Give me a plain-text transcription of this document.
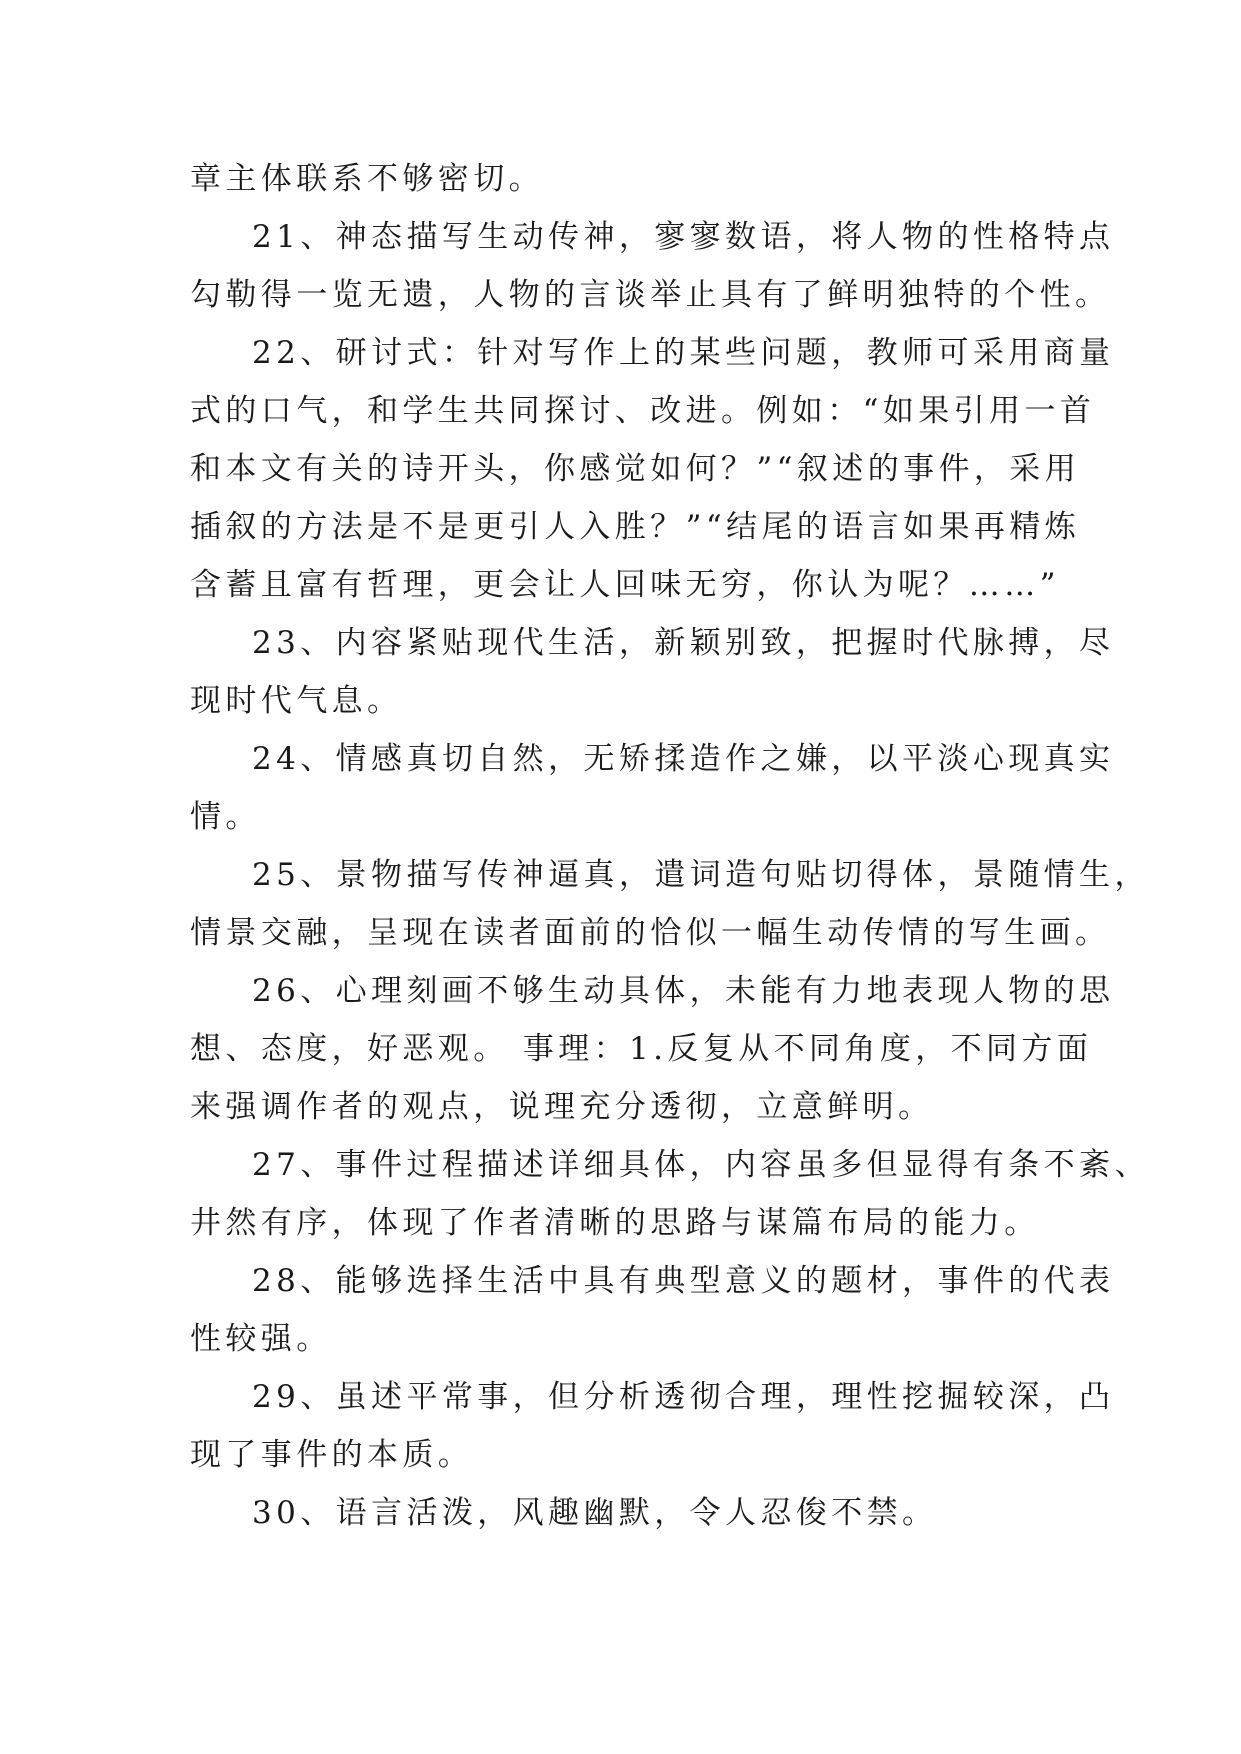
章主体联系不够密切。
21、神态描写生动传神，寥寥数语，将人物的性格特点
勾勒得一览无遗，人物的言谈举止具有了鲜明独特的个性。
22、研讨式：针对写作上的某些问题，教师可采用商量
式的口气，和学生共同探讨、改进。例如：“如果引用一首
和本文有关的诗开头，你感觉如何？”“叙述的事件，采用
插叙的方法是不是更引人入胜？”“结尾的语言如果再精炼
含蓄且富有哲理，更会让人回味无穷，你认为呢？……”
23、内容紧贴现代生活，新颖别致，把握时代脉搏，尽
现时代气息。
24、情感真切自然，无矫揉造作之嫌，以平淡心现真实
情。
25、景物描写传神逼真，遣词造句贴切得体，景随情生，
情景交融，呈现在读者面前的恰似一幅生动传情的写生画。
26、心理刻画不够生动具体，未能有力地表现人物的思
想、态度，好恶观。 事理：1.反复从不同角度，不同方面
来强调作者的观点，说理充分透彻，立意鲜明。
27、事件过程描述详细具体，内容虽多但显得有条不紊、
井然有序，体现了作者清晰的思路与谋篇布局的能力。
28、能够选择生活中具有典型意义的题材，事件的代表
性较强。
29、虽述平常事，但分析透彻合理，理性挖掘较深，凸
现了事件的本质。
30、语言活泼，风趣幽默，令人忍俊不禁。
